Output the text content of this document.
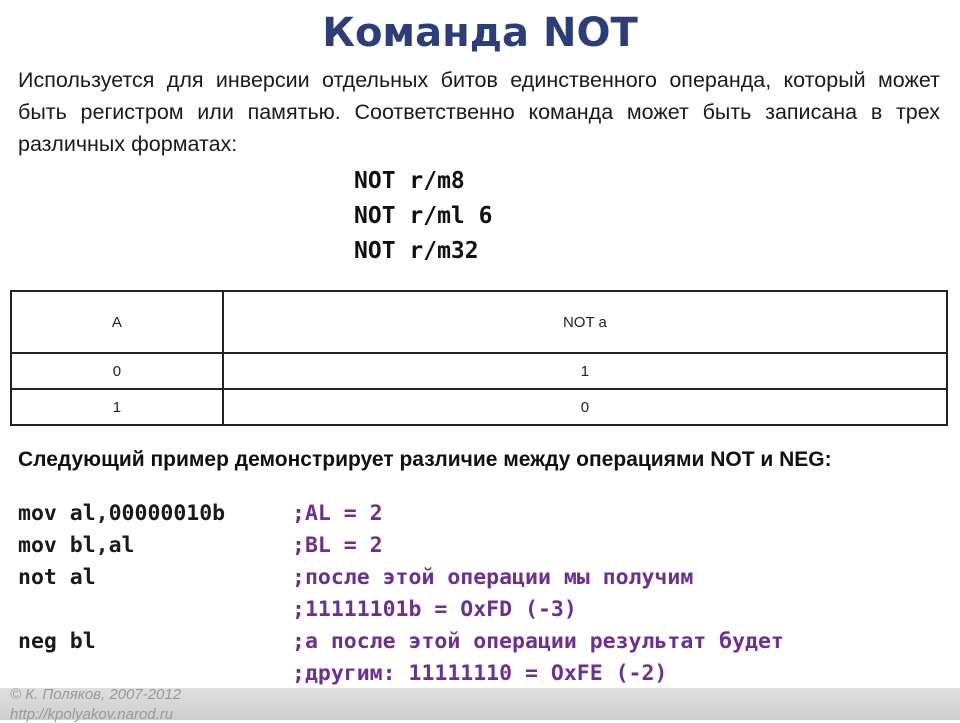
Команда NOT
Используется для инверсии отдельных битов единственного операнда, который может быть регистром или памятью. Соответственно команда может быть записана в трех различных форматах:
NOT r/m8
NOT r/ml 6
NOT r/m32
A	NOT a
0	1
1	0
Следующий пример демонстрирует различие между операциями NOT и NEG:
mov al,00000010b	;AL = 2
mov bl,al	;BL = 2
not al	;после этой операции мы получим
;11111101b = OxFD (-3)
neg bl	;а после этой операции результат будет
;другим: 11111110 = OxFE (-2)
© К. Поляков, 2007-2012
http://kpolyakov.narod.ru
